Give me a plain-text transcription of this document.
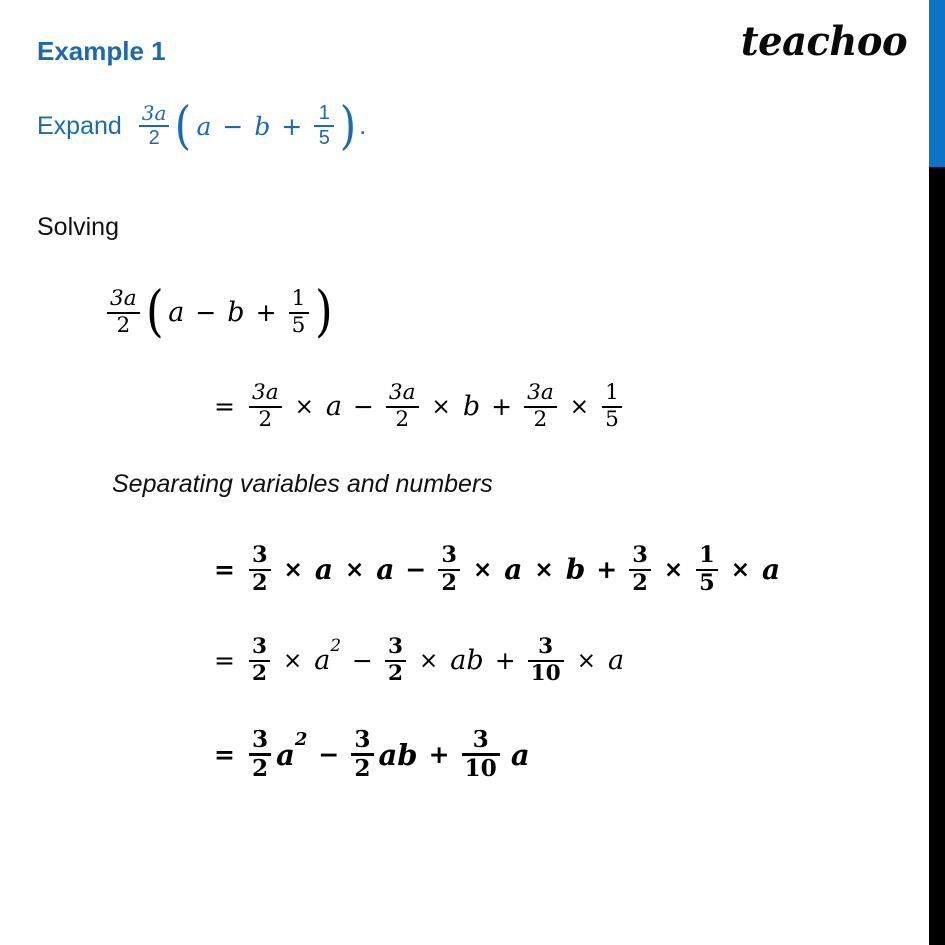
teachoo
Example 1
Expand $\frac{3a}{2}$ ( $a - b + \frac{1}{5}$ ) .
Solving
$\frac{3a}{2}$ ( $a - b + \frac{1}{5}$ )
= $\frac{3a}{2} \times a - \frac{3a}{2} \times b + \frac{3a}{2} \times \frac{1}{5}$
Separating variables and numbers
= $\frac{3}{2} \times a \times a - \frac{3}{2} \times a \times b + \frac{3}{2} \times \frac{1}{5} \times a$
= $\frac{3}{2} \times a^2$
− $\frac{3}{2}$ × ab + $\frac{3}{10} \times a$
= $\frac{3}{2} a^2$
− $\frac{3}{2}$ ab + $\frac{3}{10}$ a
